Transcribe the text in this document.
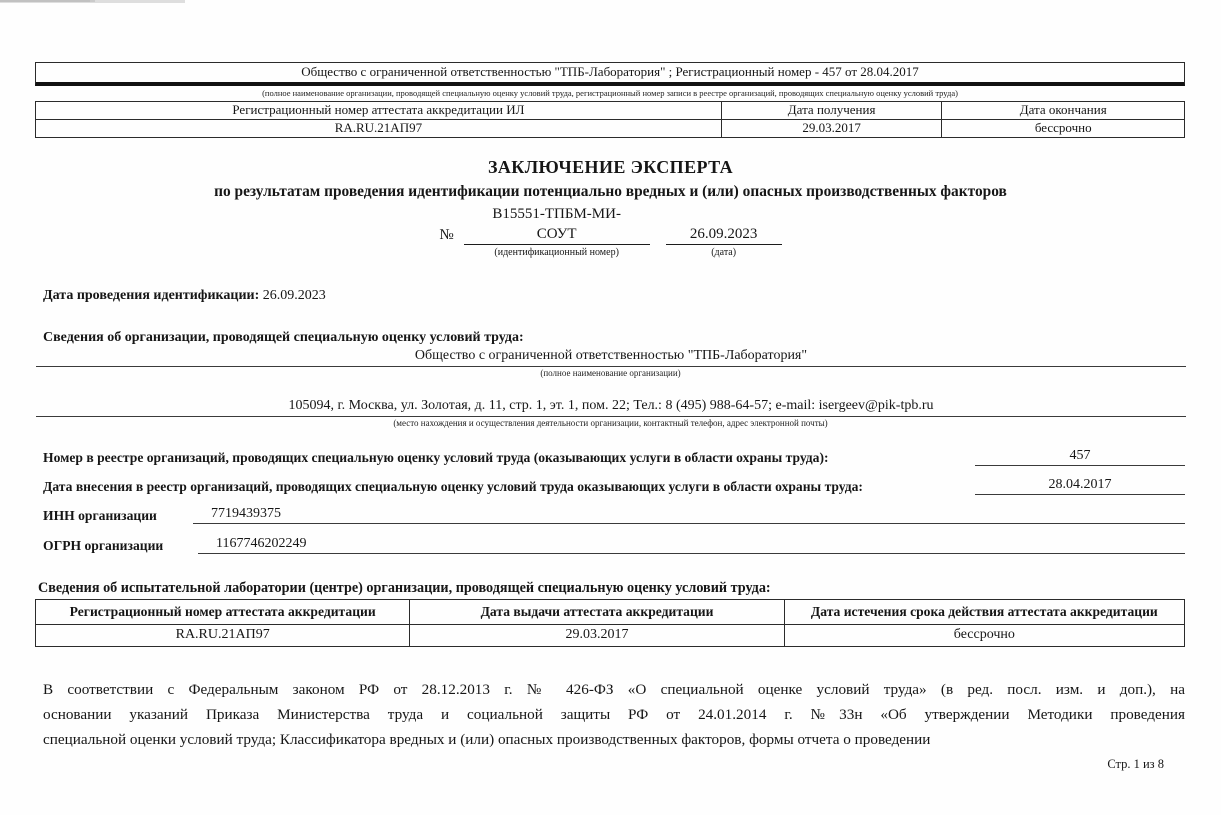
Общество с ограниченной ответственностью "ТПБ-Лаборатория" ; Регистрационный номер - 457 от 28.04.2017
(полное наименование организации, проводящей специальную оценку условий труда, регистрационный номер записи в реестре организаций, проводящих специальную оценку условий труда)
Регистрационный номер аттестата аккредитации ИЛ	Дата получения	Дата окончания
RA.RU.21АП97	29.03.2017	бессрочно
ЗАКЛЮЧЕНИЕ ЭКСПЕРТА
по результатам проведения идентификации потенциально вредных и (или) опасных производственных факторов
№
В15551-ТПБМ-МИ-
СОУТ
(идентификационный номер)
26.09.2023
(дата)
Дата проведения идентификации: 26.09.2023
Сведения об организации, проводящей специальную оценку условий труда:
Общество с ограниченной ответственностью "ТПБ-Лаборатория"
(полное наименование организации)
105094, г. Москва, ул. Золотая, д. 11, стр. 1, эт. 1, пом. 22; Тел.: 8 (495) 988-64-57; e-mail: isergeev@pik-tpb.ru
(место нахождения и осуществления деятельности организации, контактный телефон, адрес электронной почты)
Номер в реестре организаций, проводящих специальную оценку условий труда (оказывающих услуги в области охраны труда):	457
Дата внесения в реестр организаций, проводящих специальную оценку условий труда оказывающих услуги в области охраны труда:	28.04.2017
ИНН организации	7719439375
ОГРН организации	1167746202249
Сведения об испытательной лаборатории (центре) организации, проводящей специальную оценку условий труда:
Регистрационный номер аттестата аккредитации	Дата выдачи аттестата аккредитации	Дата истечения срока действия аттестата аккредитации
RA.RU.21АП97	29.03.2017	бессрочно
В соответствии с Федеральным законом РФ от 28.12.2013 г. № 426-ФЗ «О специальной оценке условий труда» (в ред. посл. изм. и доп.), на
основании указаний Приказа Министерства труда и социальной защиты РФ от 24.01.2014 г. №33н «Об утверждении Методики проведения
специальной оценки условий труда; Классификатора вредных и (или) опасных производственных факторов, формы отчета о проведении
Стр. 1 из 8
